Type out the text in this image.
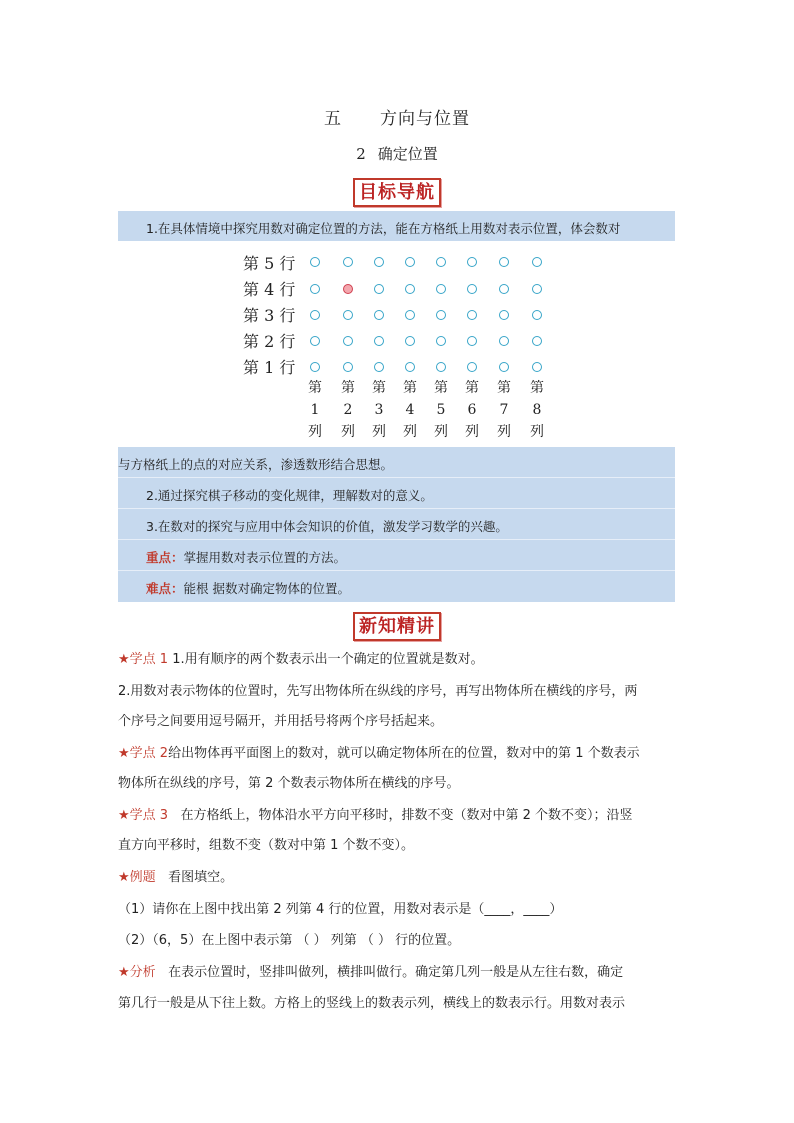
五 方向与位置
2 确定位置
目标导航
1.在具体情境中探究用数对确定位置的方法，能在方格纸上用数对表示位置，体会数对
第 5 行
第 4 行
第 3 行
第 2 行
第 1 行
第
1
列
第
2
列
第
3
列
第
4
列
第
5
列
第
6
列
第
7
列
第
8
列
与方格纸上的点的对应关系，渗透数形结合思想。
2.通过探究棋子移动的变化规律，理解数对的意义。
3.在数对的探究与应用中体会知识的价值，激发学习数学的兴趣。
重点：掌握用数对表示位置的方法。
难点：能根 据数对确定物体的位置。
新知精讲
★学点 1 1.用有顺序的两个数表示出一个确定的位置就是数对。
2.用数对表示物体的位置时，先写出物体所在纵线的序号，再写出物体所在横线的序号，两
个序号之间要用逗号隔开，并用括号将两个序号括起来。
★学点 2给出物体再平面图上的数对，就可以确定物体所在的位置，数对中的第 1 个数表示
物体所在纵线的序号，第 2 个数表示物体所在横线的序号。
★学点 3 在方格纸上，物体沿水平方向平移时，排数不变（数对中第 2 个数不变）；沿竖
直方向平移时，组数不变（数对中第 1 个数不变）。
★例题 看图填空。
（1）请你在上图中找出第 2 列第 4 行的位置，用数对表示是（____，____）
（2）（6，5）在上图中表示第 （ ） 列第 （ ） 行的位置。
★分析 在表示位置时，竖排叫做列，横排叫做行。确定第几列一般是从左往右数，确定
第几行一般是从下往上数。方格上的竖线上的数表示列，横线上的数表示行。用数对表示
